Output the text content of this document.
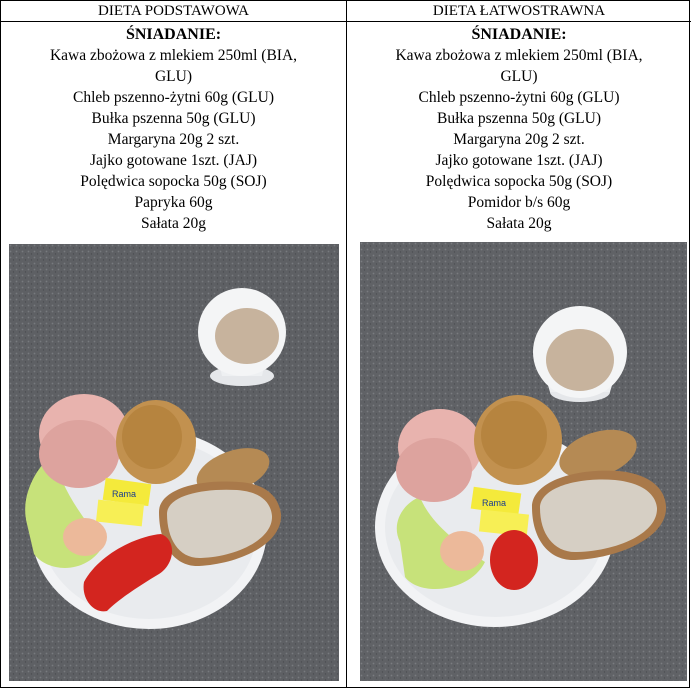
DIETA PODSTAWOWA
ŚNIADANIE:
Kawa zbożowa z mlekiem 250ml (BIA,
GLU)
Chleb pszenno-żytni 60g (GLU)
Bułka pszenna 50g (GLU)
Margaryna 20g 2 szt.
Jajko gotowane 1szt. (JAJ)
Polędwica sopocka 50g (SOJ)
Papryka 60g
Sałata 20g
Rama
DIETA ŁATWOSTRAWNA
ŚNIADANIE:
Kawa zbożowa z mlekiem 250ml (BIA,
GLU)
Chleb pszenno-żytni 60g (GLU)
Bułka pszenna 50g (GLU)
Margaryna 20g 2 szt.
Jajko gotowane 1szt. (JAJ)
Polędwica sopocka 50g (SOJ)
Pomidor b/s 60g
Sałata 20g
Rama
